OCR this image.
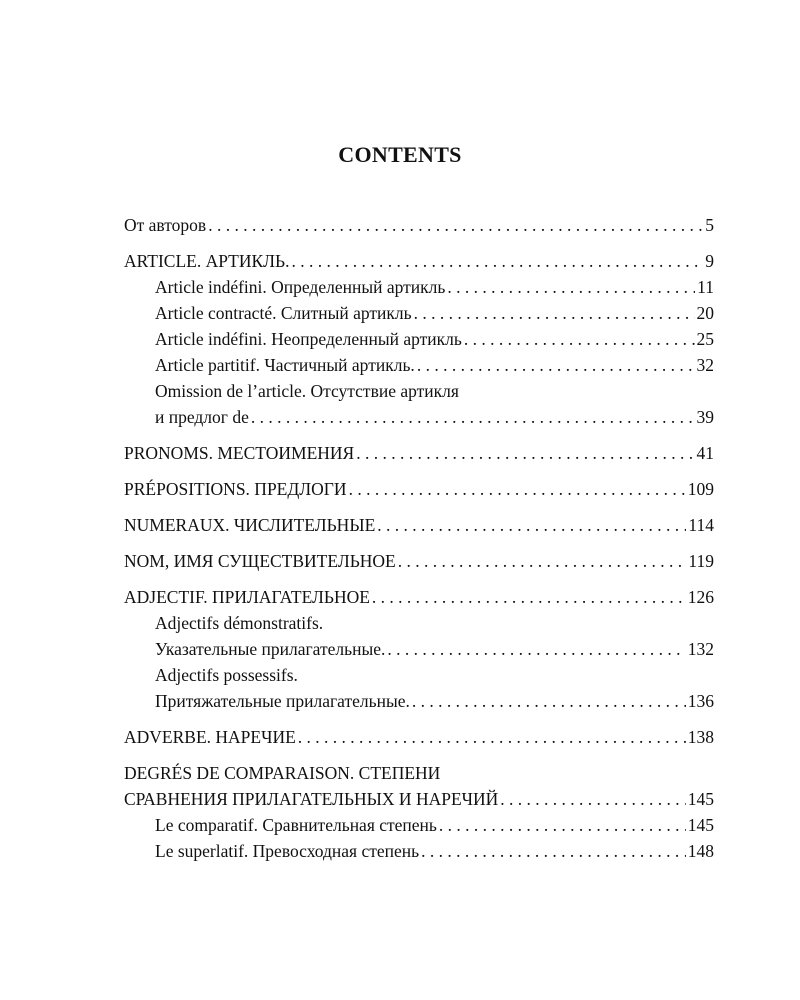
CONTENTS
От авторов . . .	5
ARTICLE. АРТИКЛЬ. . . .	9
Article indéfini. Определенный артикль . . .	11
Article contracté. Слитный артикль . . .	20
Article indéfini. Неопределенный артикль . . .	25
Article partitif. Частичный артикль. . . .	32
Omission de l’article. Отсутствие артикля
и предлог de . . .	39
PRONOMS. МЕСТОИМЕНИЯ . . .	41
PRÉPOSITIONS. ПРЕДЛОГИ . . .	109
NUMERAUX. ЧИСЛИТЕЛЬНЫЕ . . .	114
NOM, ИМЯ СУЩЕСТВИТЕЛЬНОЕ . . .	119
ADJECTIF. ПРИЛАГАТЕЛЬНОЕ . . .	126
Adjectifs démonstratifs.
Указательные прилагательные. . . .	132
Adjectifs possessifs.
Притяжательные прилагательные. . . .	136
ADVERBE. НАРЕЧИЕ . . .	138
DEGRÉS DE COMPARAISON. СТЕПЕНИ
СРАВНЕНИЯ ПРИЛАГАТЕЛЬНЫХ И НАРЕЧИЙ . . .	145
Le comparatif. Сравнительная степень . . .	145
Le superlatif. Превосходная степень . . .	148
